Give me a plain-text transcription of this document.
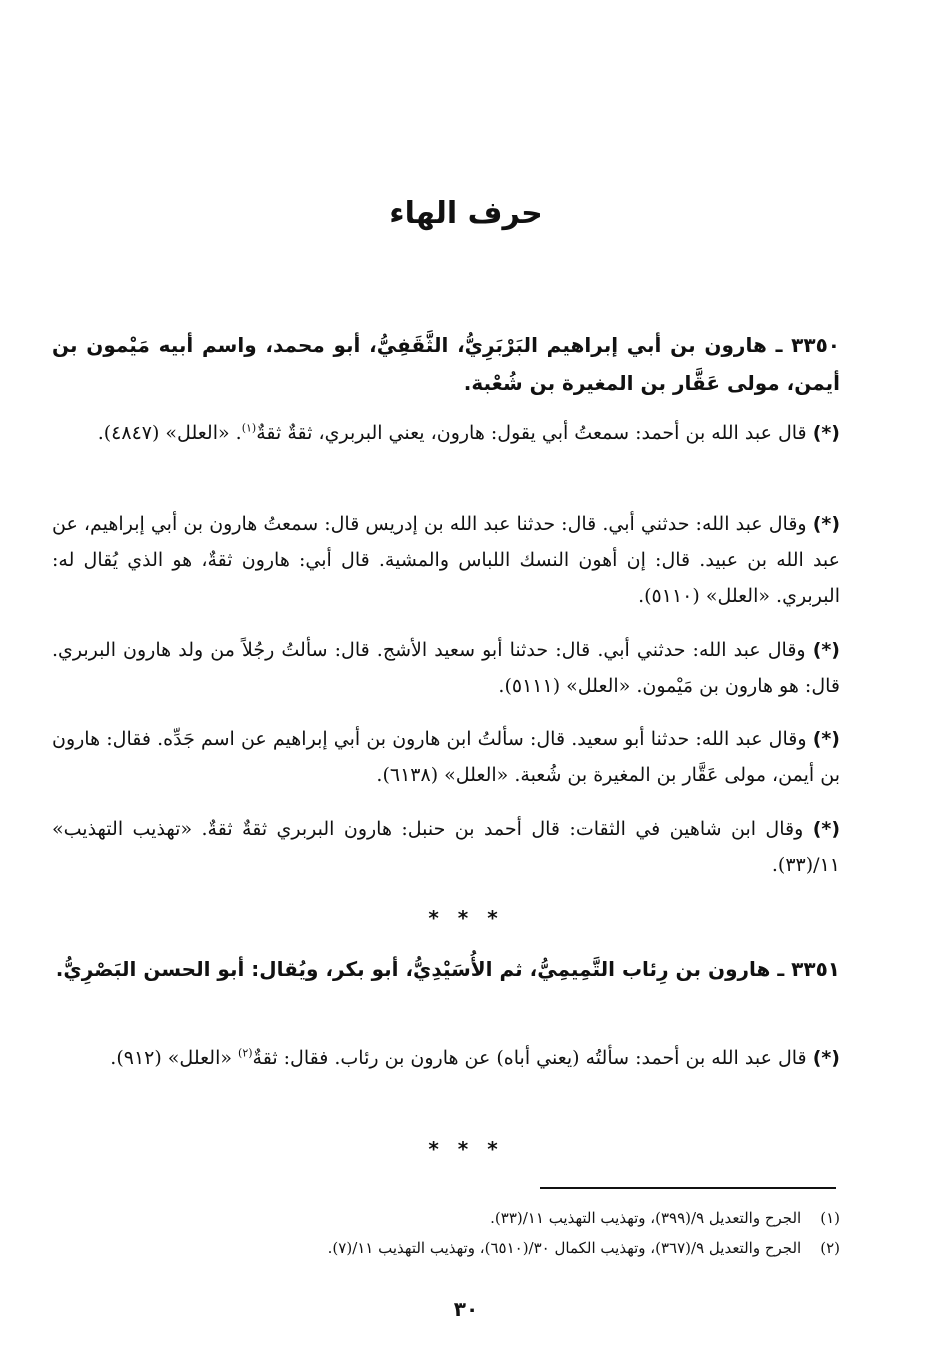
حرف الهاء

٣٣٥٠ ـ هارون بن أبي إبراهيم البَرْبَرِيُّ، الثَّقَفِيُّ، أبو محمد، واسم أبيه مَيْمون بن أيمن، مولى عَقَّار بن المغيرة بن شُعْبة.

(*) قال عبد الله بن أحمد: سمعتُ أبي يقول: هارون، يعني البربري، ثقةٌ ثقةٌ$^{(١)}$. «العلل» (٤٨٤٧).

(*) وقال عبد الله: حدثني أبي. قال: حدثنا عبد الله بن إدريس قال: سمعتُ هارون بن أبي إبراهيم، عن عبد الله بن عبيد. قال: إن أهون النسك اللباس والمشية. قال أبي: هارون ثقةٌ، هو الذي يُقال له: البربري. «العلل» (٥١١٠).

(*) وقال عبد الله: حدثني أبي. قال: حدثنا أبو سعيد الأشج. قال: سألتُ رجُلاً من ولد هارون البربري. قال: هو هارون بن مَيْمون. «العلل» (٥١١١).

(*) وقال عبد الله: حدثنا أبو سعيد. قال: سألتُ ابن هارون بن أبي إبراهيم عن اسم جَدِّه. فقال: هارون بن أيمن، مولى عَقَّار بن المغيرة بن شُعبة. «العلل» (٦١٣٨).

(*) وقال ابن شاهين في الثقات: قال أحمد بن حنبل: هارون البربري ثقةٌ ثقةٌ. «تهذيب التهذيب» ١١/(٣٣).

* * *

٣٣٥١ ـ هارون بن رِئاب التَّمِيمِيُّ، ثم الأُسَيْدِيُّ، أبو بكر، ويُقال: أبو الحسن البَصْرِيُّ.

(*) قال عبد الله بن أحمد: سألتُه (يعني أباه) عن هارون بن رئاب. فقال: ثقةٌ$^{(٢)}$ «العلل» (٩١٢).

* * *

(١) الجرح والتعديل ٩/(٣٩٩)، وتهذيب التهذيب ١١/(٣٣).

(٢) الجرح والتعديل ٩/(٣٦٧)، وتهذيب الكمال ٣٠/(٦٥١٠)، وتهذيب التهذيب ١١/(٧).

٣٠
